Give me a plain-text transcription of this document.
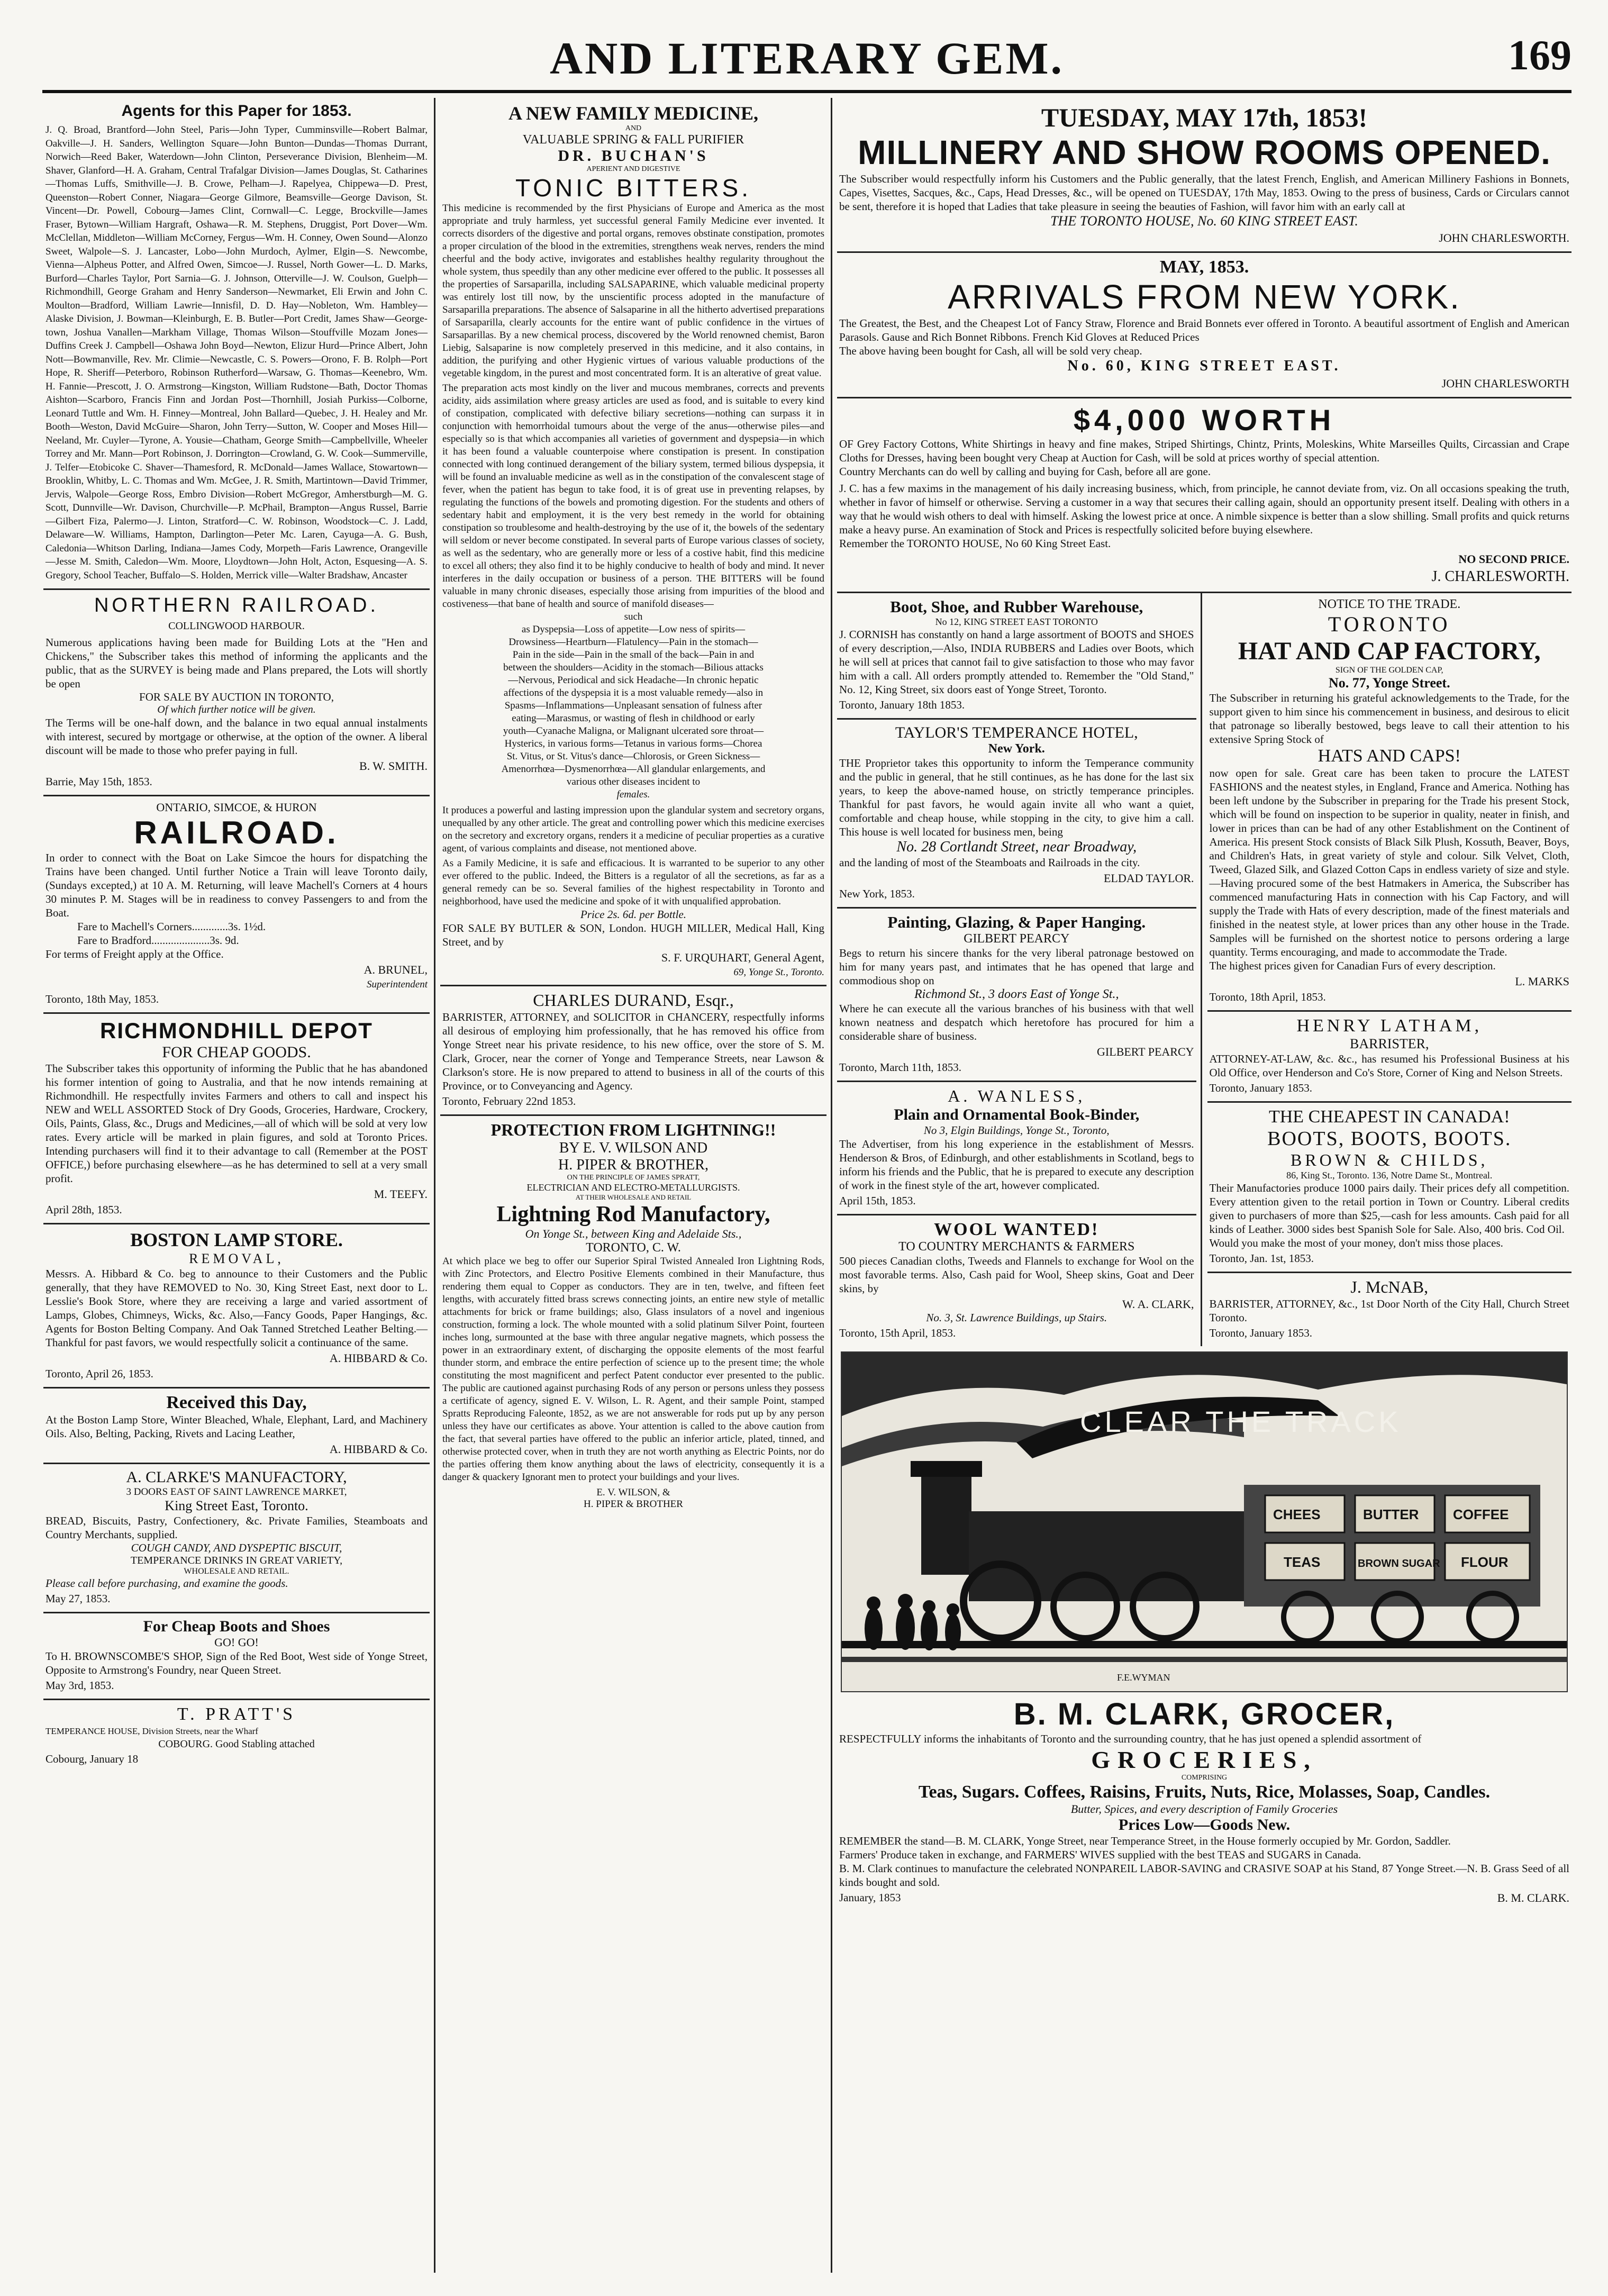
AND LITERARY GEM.	169
Agents for this Paper for 1853.
J. Q. Broad, Brantford—John Steel, Paris—John Typer, Cumminsville—Robert Balmar, Oakville—J. H. Sanders, Wellington Square—John Bunton—Dundas—Thomas Durrant, Norwich—Reed Baker, Waterdown—John Clinton, Perseverance Division, Blenheim—M. Shaver, Glanford—H. A. Graham, Central Trafalgar Division—James Douglas, St. Catharines—Thomas Luffs, Smithville—J. B. Crowe, Pelham—J. Rapelyea, Chippewa—D. Prest, Queenston—Robert Conner, Niagara—George Gilmore, Beamsville—George Davison, St. Vincent—Dr. Powell, Cobourg—James Clint, Cornwall—C. Legge, Brockville—James Fraser, Bytown—William Hargraft, Oshawa—R. M. Stephens, Druggist, Port Dover—Wm. McClellan, Middleton—William McCorney, Fergus—Wm. H. Conney, Owen Sound—Alonzo Sweet, Walpole—S. J. Lancaster, Lobo—John Murdoch, Aylmer, Elgin—S. Newcombe, Vienna—Alpheus Potter, and Alfred Owen, Simcoe—J. Russel, North Gower—L. D. Marks, Burford—Charles Taylor, Port Sarnia—G. J. Johnson, Otterville—J. W. Coulson, Guelph—Richmondhill, George Graham and Henry Sanderson—Newmarket, Eli Erwin and John C. Moulton—Bradford, William Lawrie—Innisfil, D. D. Hay—Nobleton, Wm. Hambley—Alaske Division, J. Bowman—Kleinburgh, E. B. Butler—Port Credit, James Shaw—George-town, Joshua Vanallen—Markham Village, Thomas Wilson—Stouffville Mozam Jones—Duffins Creek J. Campbell—Oshawa John Boyd—Newton, Elizur Hurd—Prince Albert, John Nott—Bowmanville, Rev. Mr. Climie—Newcastle, C. S. Powers—Orono, F. B. Rolph—Port Hope, R. Sheriff—Peterboro, Robinson Rutherford—Warsaw, G. Thomas—Keenebro, Wm. H. Fannie—Prescott, J. O. Armstrong—Kingston, William Rudstone—Bath, Doctor Thomas Aishton—Scarboro, Francis Finn and Jordan Post—Thornhill, Josiah Purkiss—Colborne, Leonard Tuttle and Wm. H. Finney—Montreal, John Ballard—Quebec, J. H. Healey and Mr. Booth—Weston, David McGuire—Sharon, John Terry—Sutton, W. Cooper and Moses Hill—Neeland, Mr. Cuyler—Tyrone, A. Yousie—Chatham, George Smith—Campbellville, Wheeler Torrey and Mr. Mann—Port Robinson, J. Dorrington—Crowland, G. W. Cook—Summerville, J. Telfer—Etobicoke C. Shaver—Thamesford, R. McDonald—James Wallace, Stowartown—Brooklin, Whitby, L. C. Thomas and Wm. McGee, J. R. Smith, Martintown—David Trimmer, Jervis, Walpole—George Ross, Embro Division—Robert McGregor, Amherstburgh—M. G. Scott, Dunnville—Wr. Davison, Churchville—P. McPhail, Brampton—Angus Russel, Barrie—Gilbert Fiza, Palermo—J. Linton, Stratford—C. W. Robinson, Woodstock—C. J. Ladd, Delaware—W. Williams, Hampton, Darlington—Peter Mc. Laren, Cayuga—A. G. Bush, Caledonia—Whitson Darling, Indiana—James Cody, Morpeth—Faris Lawrence, Orangeville—Jesse M. Smith, Caledon—Wm. Moore, Lloydtown—John Holt, Acton, Esquesing—A. S. Gregory, School Teacher, Buffalo—S. Holden, Merrick ville—Walter Bradshaw, Ancaster
NORTHERN RAILROAD.
COLLINGWOOD HARBOUR.
Numerous applications having been made for Building Lots at the "Hen and Chickens," the Subscriber takes this method of informing the applicants and the public, that as the SURVEY is being made and Plans prepared, the Lots will shortly be open
FOR SALE BY AUCTION IN TORONTO,
Of which further notice will be given.
The Terms will be one-half down, and the balance in two equal annual instalments with interest, secured by mortgage or otherwise, at the option of the owner. A liberal discount will be made to those who prefer paying in full.
B. W. SMITH.
Barrie, May 15th, 1853.
ONTARIO, SIMCOE, & HURON
RAILROAD.
In order to connect with the Boat on Lake Simcoe the hours for dispatching the Trains have been changed. Until further Notice a Train will leave Toronto daily, (Sundays excepted,) at 10 A. M. Returning, will leave Machell's Corners at 4 hours 30 minutes P. M. Stages will be in readiness to convey Passengers to and from the Boat.
Fare to Machell's Corners.............3s. 1½d.
Fare to Bradford.....................3s. 9d.
For terms of Freight apply at the Office.
A. BRUNEL,
Superintendent
Toronto, 18th May, 1853.
RICHMONDHILL DEPOT
FOR CHEAP GOODS.
The Subscriber takes this opportunity of informing the Public that he has abandoned his former intention of going to Australia, and that he now intends remaining at Richmondhill. He respectfully invites Farmers and others to call and inspect his NEW and WELL ASSORTED Stock of Dry Goods, Groceries, Hardware, Crockery, Oils, Paints, Glass, &c., Drugs and Medicines,—all of which will be sold at very low rates. Every article will be marked in plain figures, and sold at Toronto Prices. Intending purchasers will find it to their advantage to call (Remember at the POST OFFICE,) before purchasing elsewhere—as he has determined to sell at a very small profit.
M. TEEFY.
April 28th, 1853.
BOSTON LAMP STORE.
REMOVAL,
Messrs. A. Hibbard & Co. beg to announce to their Customers and the Public generally, that they have REMOVED to No. 30, King Street East, next door to L. Lesslie's Book Store, where they are receiving a large and varied assortment of Lamps, Globes, Chimneys, Wicks, &c. Also,—Fancy Goods, Paper Hangings, &c. Agents for Boston Belting Company. And Oak Tanned Stretched Leather Belting.—Thankful for past favors, we would respectfully solicit a continuance of the same.
A. HIBBARD & Co.
Toronto, April 26, 1853.
Received this Day,
At the Boston Lamp Store, Winter Bleached, Whale, Elephant, Lard, and Machinery Oils. Also, Belting, Packing, Rivets and Lacing Leather,
A. HIBBARD & Co.
A. CLARKE'S MANUFACTORY,
3 DOORS EAST OF SAINT LAWRENCE MARKET,
King Street East, Toronto.
BREAD, Biscuits, Pastry, Confectionery, &c. Private Families, Steamboats and Country Merchants, supplied.
COUGH CANDY, AND DYSPEPTIC BISCUIT,
TEMPERANCE DRINKS IN GREAT VARIETY,
WHOLESALE AND RETAIL.
Please call before purchasing, and examine the goods.
May 27, 1853.
For Cheap Boots and Shoes
GO! GO!
To H. BROWNSCOMBE'S SHOP, Sign of the Red Boot, West side of Yonge Street, Opposite to Armstrong's Foundry, near Queen Street.
May 3rd, 1853.
T. PRATT'S
TEMPERANCE HOUSE, Division Streets, near the Wharf
COBOURG. Good Stabling attached
Cobourg, January 18
A NEW FAMILY MEDICINE,
AND
VALUABLE SPRING & FALL PURIFIER
DR. BUCHAN'S
APERIENT AND DIGESTIVE
TONIC BITTERS.
This medicine is recommended by the first Physicians of Europe and America as the most appropriate and truly harmless, yet successful general Family Medicine ever invented. It corrects disorders of the digestive and portal organs, removes obstinate constipation, promotes a proper circulation of the blood in the extremities, strengthens weak nerves, renders the mind cheerful and the body active, invigorates and establishes healthy regularity throughout the whole system, thus speedily than any other medicine ever offered to the public. It possesses all the properties of Sarsaparilla, including SALSAPARINE, which valuable medicinal property was entirely lost till now, by the unscientific process adopted in the manufacture of Sarsaparilla preparations. The absence of Salsaparine in all the hitherto advertised preparations of Sarsaparilla, clearly accounts for the entire want of public confidence in the virtues of Sarsaparillas. By a new chemical process, discovered by the World renowned chemist, Baron Liebig, Salsaparine is now completely preserved in this medicine, and it also contains, in addition, the purifying and other Hygienic virtues of various valuable productions of the vegetable kingdom, in the purest and most concentrated form. It is an alterative of great value.
The preparation acts most kindly on the liver and mucous membranes, corrects and prevents acidity, aids assimilation where greasy articles are used as food, and is suitable to every kind of constipation, complicated with defective biliary secretions—nothing can surpass it in conjunction with hemorrhoidal tumours about the verge of the anus—otherwise piles—and especially so is that which accompanies all varieties of government and dyspepsia—in which it has been found a valuable counterpoise where constipation is present. In constipation connected with long continued derangement of the biliary system, termed bilious dyspepsia, it will be found an invaluable medicine as well as in the constipation of the convalescent stage of fever, when the patient has begun to take food, it is of great use in preventing relapses, by regulating the functions of the bowels and promoting digestion. For the students and others of sedentary habit and employment, it is the very best remedy in the world for obtaining constipation so troublesome and health-destroying by the use of it, the bowels of the sedentary will seldom or never become constipated. In several parts of Europe various classes of society, as well as the sedentary, who are generally more or less of a costive habit, find this medicine to excel all others; they also find it to be highly conducive to health of body and mind. It never interferes in the daily occupation or business of a person. THE BITTERS will be found valuable in many chronic diseases, especially those arising from impurities of the blood and costiveness—that bane of health and source of manifold diseases—
such
as Dyspepsia—Loss of appetite—Low ness of spirits—Drowsiness—Heartburn—Flatulency—Pain in the stomach—Pain in the side—Pain in the small of the back—Pain in and between the shoulders—Acidity in the stomach—Bilious attacks—Nervous, Periodical and sick Headache—In chronic hepatic affections of the dyspepsia it is a most valuable remedy—also in Spasms—Inflammations—Unpleasant sensation of fulness after eating—Marasmus, or wasting of flesh in childhood or early youth—Cyanache Maligna, or Malignant ulcerated sore throat—Hysterics, in various forms—Tetanus in various forms—Chorea St. Vitus, or St. Vitus's dance—Chlorosis, or Green Sickness—Amenorrhœa—Dysmenorrhœa—All glandular enlargements, and various other diseases incident to
females.
It produces a powerful and lasting impression upon the glandular system and secretory organs, unequalled by any other article. The great and controlling power which this medicine exercises on the secretory and excretory organs, renders it a medicine of peculiar properties as a curative agent, of various complaints and disease, not mentioned above.
As a Family Medicine, it is safe and efficacious. It is warranted to be superior to any other ever offered to the public. Indeed, the Bitters is a regulator of all the secretions, as far as a general remedy can be so. Several families of the highest respectability in Toronto and neighborhood, have used the medicine and spoke of it with unqualified approbation.
Price 2s. 6d. per Bottle.
FOR SALE BY BUTLER & SON, London. HUGH MILLER, Medical Hall, King Street, and by
S. F. URQUHART, General Agent,
69, Yonge St., Toronto.
CHARLES DURAND, Esqr.,
BARRISTER, ATTORNEY, and SOLICITOR in CHANCERY, respectfully informs all desirous of employing him professionally, that he has removed his office from Yonge Street near his private residence, to his new office, over the store of S. M. Clark, Grocer, near the corner of Yonge and Temperance Streets, near Lawson & Clarkson's store. He is now prepared to attend to business in all of the courts of this Province, or to Conveyancing and Agency.
Toronto, February 22nd 1853.
PROTECTION FROM LIGHTNING!!
BY E. V. WILSON AND
H. PIPER & BROTHER,
ON THE PRINCIPLE OF JAMES SPRATT,
ELECTRICIAN AND ELECTRO-METALLURGISTS.
AT THEIR WHOLESALE AND RETAIL
Lightning Rod Manufactory,
On Yonge St., between King and Adelaide Sts.,
TORONTO, C. W.
At which place we beg to offer our Superior Spiral Twisted Annealed Iron Lightning Rods, with Zinc Protectors, and Electro Positive Elements combined in their Manufacture, thus rendering them equal to Copper as conductors. They are in ten, twelve, and fifteen feet lengths, with accurately fitted brass screws connecting joints, an entire new style of metallic attachments for brick or frame buildings; also, Glass insulators of a novel and ingenious construction, forming a lock. The whole mounted with a solid platinum Silver Point, fourteen inches long, surmounted at the base with three angular negative magnets, which possess the power in an extraordinary extent, of discharging the opposite elements of the most fearful thunder storm, and embrace the entire perfection of science up to the present time; the whole constituting the most magnificent and perfect Patent conductor ever presented to the public. The public are cautioned against purchasing Rods of any person or persons unless they possess a certificate of agency, signed E. V. Wilson, L. R. Agent, and their sample Point, stamped Spratts Reproducing Faleonte, 1852, as we are not answerable for rods put up by any person unless they have our certificates as above. Your attention is called to the above caution from the fact, that several parties have offered to the public an inferior article, plated, tinned, and otherwise protected cover, when in truth they are not worth anything as Electric Points, nor do the parties offering them know anything about the laws of electricity, consequently it is a danger & quackery Ignorant men to protect your buildings and your lives.
E. V. WILSON, &
H. PIPER & BROTHER
TUESDAY, MAY 17th, 1853!
MILLINERY AND SHOW ROOMS OPENED.
The Subscriber would respectfully inform his Customers and the Public generally, that the latest French, English, and American Millinery Fashions in Bonnets, Capes, Visettes, Sacques, &c., Caps, Head Dresses, &c., will be opened on TUESDAY, 17th May, 1853. Owing to the press of business, Cards or Circulars cannot be sent, therefore it is hoped that Ladies that take pleasure in seeing the beauties of Fashion, will favor him with an early call at
THE TORONTO HOUSE, No. 60 KING STREET EAST.
JOHN CHARLESWORTH.
MAY, 1853.
ARRIVALS FROM NEW YORK.
The Greatest, the Best, and the Cheapest Lot of Fancy Straw, Florence and Braid Bonnets ever offered in Toronto. A beautiful assortment of English and American Parasols. Gause and Rich Bonnet Ribbons. French Kid Gloves at Reduced Prices
The above having been bought for Cash, all will be sold very cheap.
No. 60, KING STREET EAST.
JOHN CHARLESWORTH
$4,000 WORTH
OF Grey Factory Cottons, White Shirtings in heavy and fine makes, Striped Shirtings, Chintz, Prints, Moleskins, White Marseilles Quilts, Circassian and Crape Cloths for Dresses, having been bought very Cheap at Auction for Cash, will be sold at prices worthy of special attention.
Country Merchants can do well by calling and buying for Cash, before all are gone.
J. C. has a few maxims in the management of his daily increasing business, which, from principle, he cannot deviate from, viz. On all occasions speaking the truth, whether in favor of himself or otherwise. Serving a customer in a way that secures their calling again, should an opportunity present itself. Dealing with others in a way that he would wish others to deal with himself. Asking the lowest price at once. A nimble sixpence is better than a slow shilling. Small profits and quick returns make a heavy purse. An examination of Stock and Prices is respectfully solicited before buying elsewhere.
Remember the TORONTO HOUSE, No 60 King Street East.
NO SECOND PRICE.
J. CHARLESWORTH.
Boot, Shoe, and Rubber Warehouse,
No 12, KING STREET EAST TORONTO
J. CORNISH has constantly on hand a large assortment of BOOTS and SHOES of every description,—Also, INDIA RUBBERS and Ladies over Boots, which he will sell at prices that cannot fail to give satisfaction to those who may favor him with a call. All orders promptly attended to. Remember the "Old Stand," No. 12, King Street, six doors east of Yonge Street, Toronto.
Toronto, January 18th 1853.
TAYLOR'S TEMPERANCE HOTEL,
New York.
THE Proprietor takes this opportunity to inform the Temperance community and the public in general, that he still continues, as he has done for the last six years, to keep the above-named house, on strictly temperance principles. Thankful for past favors, he would again invite all who want a quiet, comfortable and cheap house, while stopping in the city, to give him a call. This house is well located for business men, being
No. 28 Cortlandt Street, near Broadway,
and the landing of most of the Steamboats and Railroads in the city.
ELDAD TAYLOR.
New York, 1853.
Painting, Glazing, & Paper Hanging.
GILBERT PEARCY
Begs to return his sincere thanks for the very liberal patronage bestowed on him for many years past, and intimates that he has opened that large and commodious shop on
Richmond St., 3 doors East of Yonge St.,
Where he can execute all the various branches of his business with that well known neatness and despatch which heretofore has procured for him a considerable share of business.
GILBERT PEARCY
Toronto, March 11th, 1853.
A. WANLESS,
Plain and Ornamental Book-Binder,
No 3, Elgin Buildings, Yonge St., Toronto,
The Advertiser, from his long experience in the establishment of Messrs. Henderson & Bros, of Edinburgh, and other establishments in Scotland, begs to inform his friends and the Public, that he is prepared to execute any description of work in the finest style of the art, however complicated.
April 15th, 1853.
WOOL WANTED!
TO COUNTRY MERCHANTS & FARMERS
500 pieces Canadian cloths, Tweeds and Flannels to exchange for Wool on the most favorable terms. Also, Cash paid for Wool, Sheep skins, Goat and Deer skins, by
W. A. CLARK,
No. 3, St. Lawrence Buildings, up Stairs.
Toronto, 15th April, 1853.
NOTICE TO THE TRADE.
TORONTO
HAT AND CAP FACTORY,
SIGN OF THE GOLDEN CAP,
No. 77, Yonge Street.
The Subscriber in returning his grateful acknowledgements to the Trade, for the support given to him since his commencement in business, and desirous to elicit that patronage so liberally bestowed, begs leave to call their attention to his extensive Spring Stock of
HATS AND CAPS!
now open for sale. Great care has been taken to procure the LATEST FASHIONS and the neatest styles, in England, France and America. Nothing has been left undone by the Subscriber in preparing for the Trade his present Stock, which will be found on inspection to be superior in quality, neater in finish, and lower in prices than can be had of any other Establishment on the Continent of America. His present Stock consists of Black Silk Plush, Kossuth, Beaver, Boys, and Children's Hats, in great variety of style and colour. Silk Velvet, Cloth, Tweed, Glazed Silk, and Glazed Cotton Caps in endless variety of size and style.—Having procured some of the best Hatmakers in America, the Subscriber has commenced manufacturing Hats in connection with his Cap Factory, and will supply the Trade with Hats of every description, made of the finest materials and finished in the neatest style, at lower prices than any other house in the Trade. Samples will be furnished on the shortest notice to persons ordering a large quantity. Terms encouraging, and made to accommodate the Trade.
The highest prices given for Canadian Furs of every description.
L. MARKS
Toronto, 18th April, 1853.
HENRY LATHAM,
BARRISTER,
ATTORNEY-AT-LAW, &c. &c., has resumed his Professional Business at his Old Office, over Henderson and Co's Store, Corner of King and Nelson Streets.
Toronto, January 1853.
THE CHEAPEST IN CANADA!
BOOTS, BOOTS, BOOTS.
BROWN & CHILDS,
86, King St., Toronto. 136, Notre Dame St., Montreal.
Their Manufactories produce 1000 pairs daily. Their prices defy all competition. Every attention given to the retail portion in Town or Country. Liberal credits given to purchasers of more than $25,—cash for less amounts. Cash paid for all kinds of Leather. 3000 sides best Spanish Sole for Sale. Also, 400 bris. Cod Oil.
Would you make the most of your money, don't miss those places.
Toronto, Jan. 1st, 1853.
J. McNAB,
BARRISTER, ATTORNEY, &c., 1st Door North of the City Hall, Church Street Toronto.
Toronto, January 1853.
CLEAR THE TRACK
CHEES	BUTTER COFFEE
TEAS	BROWN SUGAR FLOUR
F.E.WYMAN
B. M. CLARK, GROCER,
RESPECTFULLY informs the inhabitants of Toronto and the surrounding country, that he has just opened a splendid assortment of
GROCERIES,
COMPRISING
Teas, Sugars. Coffees, Raisins, Fruits, Nuts, Rice, Molasses, Soap, Candles.
Butter, Spices, and every description of Family Groceries
Prices Low—Goods New.
REMEMBER the stand—B. M. CLARK, Yonge Street, near Temperance Street, in the House formerly occupied by Mr. Gordon, Saddler.
Farmers' Produce taken in exchange, and FARMERS' WIVES supplied with the best TEAS and SUGARS in Canada.
B. M. Clark continues to manufacture the celebrated NONPAREIL LABOR-SAVING and CRASIVE SOAP at his Stand, 87 Yonge Street.—N. B. Grass Seed of all kinds bought and sold.
January, 1853	B. M. CLARK.
